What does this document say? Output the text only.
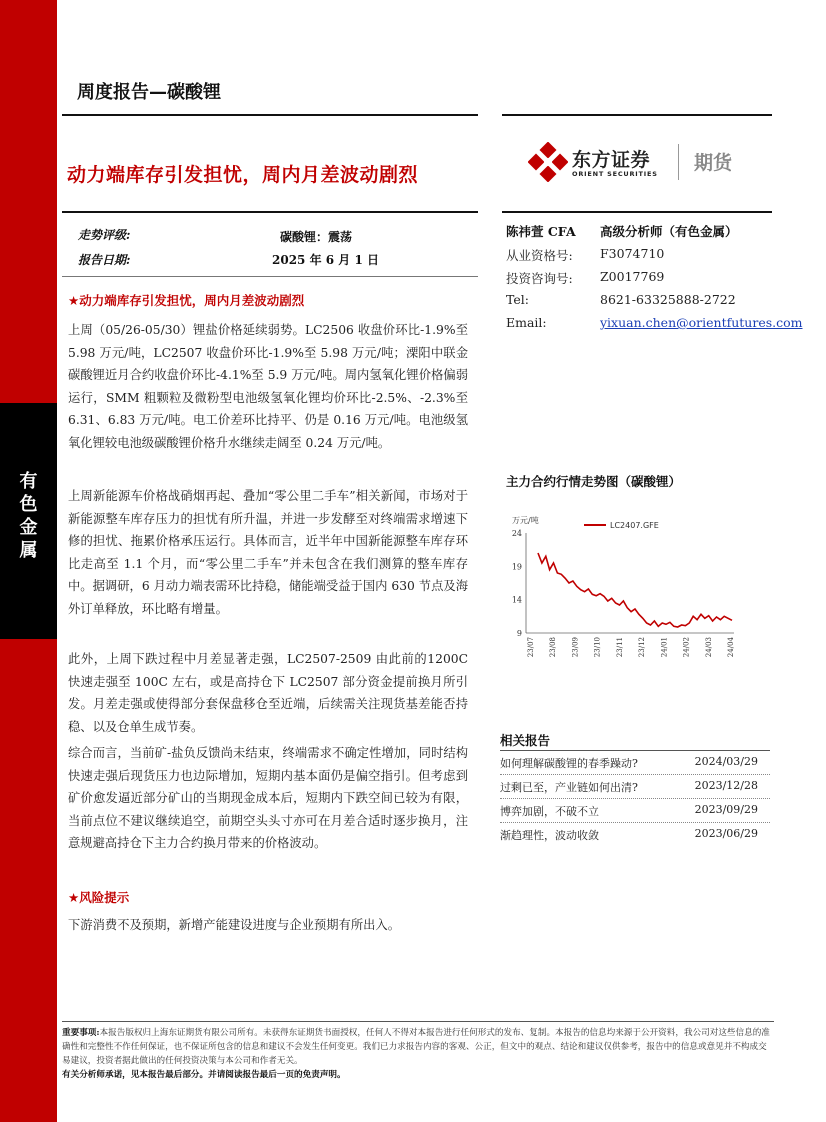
有
色
金
属
周度报告—碳酸锂
动力端库存引发担忧，周内月差波动剧烈
东方证券
ORIENT SECURITIES 期货
走势评级:	碳酸锂：震荡
报告日期:	2025 年 6 月 1 日
陈祎萱 CFA 高级分析师（有色金属）
从业资格号: F3074710
投资咨询号: Z0017769
Tel:	8621-63325888-2722
Email:	yixuan.chen@orientfutures.com
★动力端库存引发担忧，周内月差波动剧烈

上周（05/26-05/30）锂盐价格延续弱势。LC2506 收盘价环比-1.9%至 5.98 万元/吨，LC2507 收盘价环比-1.9%至 5.98 万元/吨；溧阳中联金碳酸锂近月合约收盘价环比-4.1%至 5.9 万元/吨。周内氢氧化锂价格偏弱运行，SMM 粗颗粒及微粉型电池级氢氧化锂均价环比-2.5%、-2.3%至 6.31、6.83 万元/吨。电工价差环比持平、仍是 0.16 万元/吨。电池级氢氧化锂较电池级碳酸锂价格升水继续走阔至 0.24 万元/吨。

上周新能源车价格战硝烟再起、叠加“零公里二手车”相关新闻，市场对于新能源整车库存压力的担忧有所升温，并进一步发酵至对终端需求增速下修的担忧、拖累价格承压运行。具体而言，近半年中国新能源整车库存环比走高至 1.1 个月，而“零公里二手车”并未包含在我们测算的整车库存中。据调研，6 月动力端表需环比持稳，储能端受益于国内 630 节点及海外订单释放，环比略有增量。

此外，上周下跌过程中月差显著走强，LC2507-2509 由此前的1200C 快速走强至 100C 左右，或是高持仓下 LC2507 部分资金提前换月所引发。月差走强或使得部分套保盘移仓至近端，后续需关注现货基差能否持稳、以及仓单生成节奏。

综合而言，当前矿-盐负反馈尚未结束，终端需求不确定性增加，同时结构快速走强后现货压力也边际增加，短期内基本面仍是偏空指引。但考虑到矿价愈发逼近部分矿山的当期现金成本后，短期内下跌空间已较为有限，当前点位不建议继续追空，前期空头头寸亦可在月差合适时逐步换月，注意规避高持仓下主力合约换月带来的价格波动。

★风险提示

下游消费不及预期，新增产能建设进度与企业预期有所出入。

主力合约行情走势图（碳酸锂）
万元/吨
LC2407.GFE
9
14
19
24
23/07 23/08 23/09 23/10 23/11 23/12 24/01 24/02 24/03 24/04
相关报告
如何理解碳酸锂的春季躁动?	2024/03/29
过剩已至，产业链如何出清?	2023/12/28
博弈加剧，不破不立	2023/09/29
渐趋理性，波动收敛	2023/06/29
重要事项:本报告版权归上海东证期货有限公司所有。未获得东证期货书面授权，任何人不得对本报告进行任何形式的发布、复制。本报告的信息均来源于公开资料，我公司对这些信息的准确性和完整性不作任何保证，也不保证所包含的信息和建议不会发生任何变更。我们已力求报告内容的客观、公正，但文中的观点、结论和建议仅供参考，报告中的信息或意见并不构成交易建议，投资者据此做出的任何投资决策与本公司和作者无关。
有关分析师承诺，见本报告最后部分。并请阅读报告最后一页的免责声明。
